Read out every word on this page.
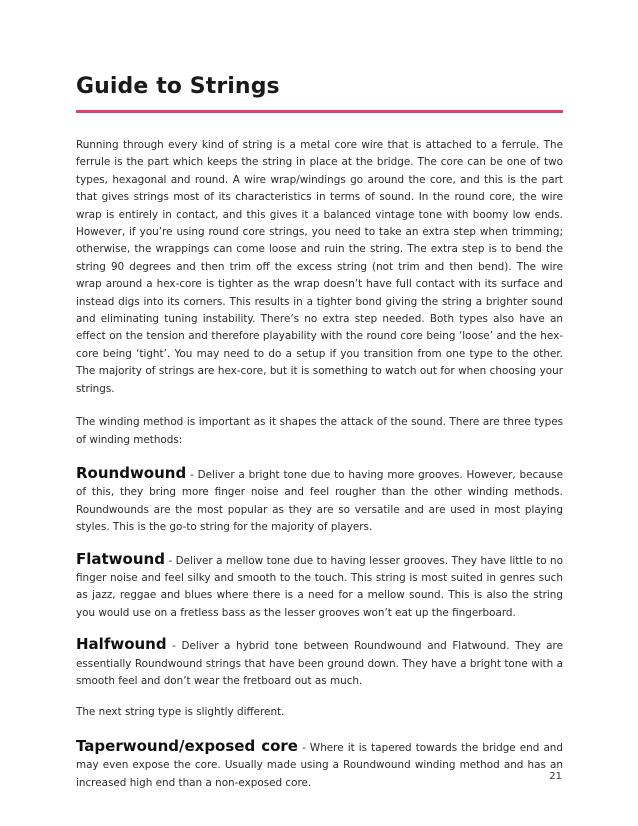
Guide to Strings

Running through every kind of string is a metal core wire that is attached to a ferrule. The ferrule is the part which keeps the string in place at the bridge. The core can be one of two types, hexagonal and round. A wire wrap/windings go around the core, and this is the part that gives strings most of its characteristics in terms of sound. In the round core, the wire wrap is entirely in contact, and this gives it a balanced vintage tone with boomy low ends. However, if you’re using round core strings, you need to take an extra step when trimming; otherwise, the wrappings can come loose and ruin the string. The extra step is to bend the string 90 degrees and then trim off the excess string (not trim and then bend). The wire wrap around a hex-core is tighter as the wrap doesn’t have full contact with its surface and instead digs into its corners. This results in a tighter bond giving the string a brighter sound and eliminating tuning instability. There’s no extra step needed. Both types also have an effect on the tension and therefore playability with the round core being ‘loose’ and the hex-core being ‘tight’. You may need to do a setup if you transition from one type to the other. The majority of strings are hex-core, but it is something to watch out for when choosing your strings.

The winding method is important as it shapes the attack of the sound. There are three types of winding methods:

Roundwound - Deliver a bright tone due to having more grooves. However, because of this, they bring more finger noise and feel rougher than the other winding methods. Roundwounds are the most popular as they are so versatile and are used in most playing styles. This is the go-to string for the majority of players.

Flatwound - Deliver a mellow tone due to having lesser grooves. They have little to no finger noise and feel silky and smooth to the touch. This string is most suited in genres such as jazz, reggae and blues where there is a need for a mellow sound. This is also the string you would use on a fretless bass as the lesser grooves won’t eat up the fingerboard.

Halfwound - Deliver a hybrid tone between Roundwound and Flatwound. They are essentially Roundwound strings that have been ground down. They have a bright tone with a smooth feel and don’t wear the fretboard out as much.

The next string type is slightly different.

Taperwound/exposed core - Where it is tapered towards the bridge end and may even expose the core. Usually made using a Roundwound winding method and has an increased high end than a non-exposed core.

21
